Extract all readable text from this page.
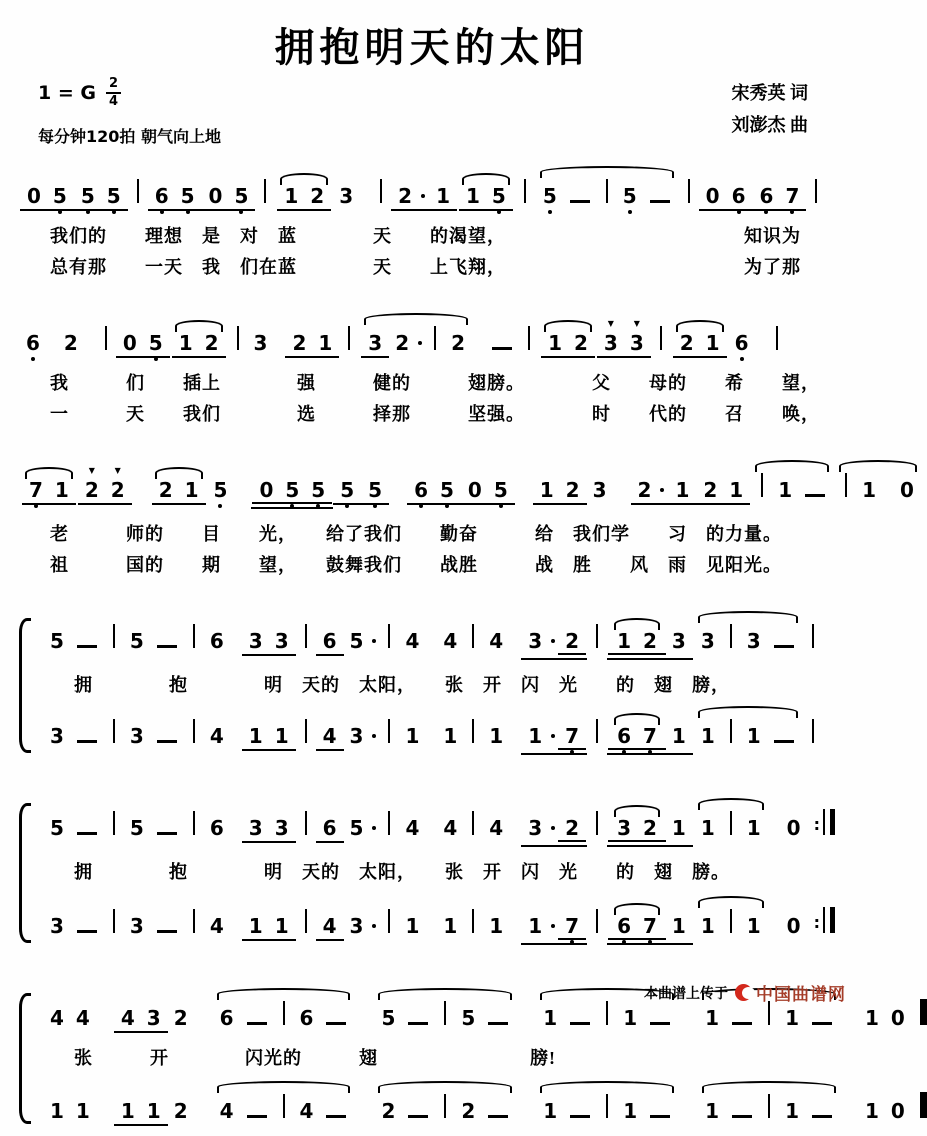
拥抱明天的太阳
1 = G $\frac{2}{4}$
每分钟120拍 朝气向上地
宋秀英 词
刘澎杰 曲
0 5 5 5	6 5 0 5	1 2 3	2	1 1 5	5	5	0 6 6 7
我们的　　理想　是　对　蓝　　　　天　　的渴望，　　　　　　　　　　　　　知识为
总有那　　一天　我　们在蓝　　　　天　　上飞翔，　　　　　　　　　　　　　为了那
6	2	0 5 1 2	3	2 1	3 2	2	1 2 ▼ 3 ▼ 3	2 1 6
我　　　们　　插上　　　　强　　　健的　　　翅膀。　　　　父　　母的　　希　　望，
一　　　天　　我们　　　　选　　　择那　　　坚强。　　　　时　　代的　　召　　唤，
7 1 ▼ 2 ▼ 2	2 1 5	0 5 5 5 5	6 5 0 5	1 2 3	2	1 2 1	1	1	0
老　　　师的　　目　　光，　　给了我们　　勤奋　　　给　我们学　　习　的力量。
祖　　　国的　　期　　望，　　鼓舞我们　　战胜　　　战　胜　　风　雨　见阳光。
5	5	6	3 3	6 5	4	4	4	3	2	1 2 3 3	3
拥　　　　抱　　　　明　天的　太阳，　　张　开　闪　光　　的　翅　膀，
3	3	4	1 1	4 3	1	1	1	1	7	6 7 1 1	1
5	5	6	3 3	6 5	4	4	4	3	2	3 2 1 1	1	0
:
拥　　　　抱　　　　明　天的　太阳，　　张　开　闪　光　　的　翅　膀。
3	3	4	1 1	4 3	1	1	1	1	7	6 7 1 1	1	0
:
4 4	4 3 2	6	6	5	5	1	1	1	1	1 0
张　　　开　　　　闪光的　　　翅　　　　　　　　膀!
1 1	1 1 2	4	4	2	2	1	1	1	1	1 0
本曲谱上传于 中国曲谱网
